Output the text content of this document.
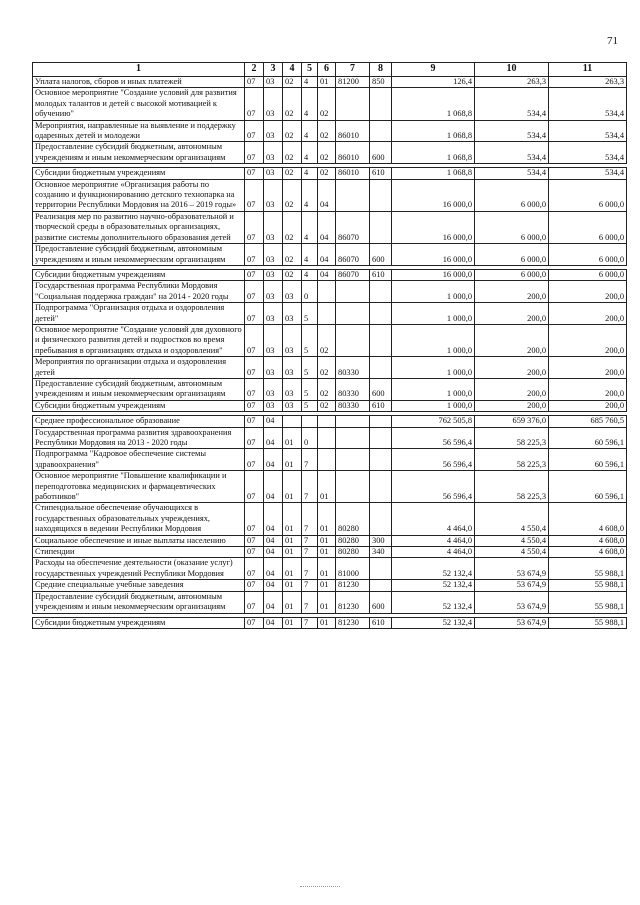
71
1	2	3	4	5	6	7	8	9	10	11
Уплата налогов, сборов и иных платежей	07	03	02	4	01	81200	850	126,4	263,3	263,3
Основное мероприятие "Создание условий для развития молодых талантов и детей с высокой мотивацией к обучению"	07	03	02	4	02			1 068,8	534,4	534,4
Мероприятия, направленные на выявление и поддержку одаренных детей и молодежи	07	03	02	4	02	86010		1 068,8	534,4	534,4
Предоставление субсидий бюджетным, автономным учреждениям и иным некоммерческим организациям	07	03	02	4	02	86010	600	1 068,8	534,4	534,4

Субсидии бюджетным учреждениям	07	03	02	4	02	86010	610	1 068,8	534,4	534,4
Основное мероприятие «Организация работы по созданию и функционированию детского технопарка на территории Республики Мордовия на 2016 – 2019 годы»	07	03	02	4	04			16 000,0	6 000,0	6 000,0
Реализация мер по развитию научно-образовательной и творческой среды в образовательных организациях, развитие системы дополнительного образования детей	07	03	02	4	04	86070		16 000,0	6 000,0	6 000,0
Предоставление субсидий бюджетным, автономным учреждениям и иным некоммерческим организациям	07	03	02	4	04	86070	600	16 000,0	6 000,0	6 000,0

Субсидии бюджетным учреждениям	07	03	02	4	04	86070	610	16 000,0	6 000,0	6 000,0
Государственная программа Республики Мордовия "Социальная поддержка граждан" на 2014 - 2020 годы	07	03	03	0				1 000,0	200,0	200,0
Подпрограмма "Организация отдыха и оздоровления детей"	07	03	03	5				1 000,0	200,0	200,0
Основное мероприятие "Создание условий для духовного и физического развития детей и подростков во время пребывания в организациях отдыха и оздоровления"	07	03	03	5	02			1 000,0	200,0	200,0
Мероприятия по организации отдыха и оздоровления детей	07	03	03	5	02	80330		1 000,0	200,0	200,0
Предоставление субсидий бюджетным, автономным учреждениям и иным некоммерческим организациям	07	03	03	5	02	80330	600	1 000,0	200,0	200,0
Субсидии бюджетным учреждениям	07	03	03	5	02	80330	610	1 000,0	200,0	200,0

Среднее профессиональное образование	07	04						762 505,8	659 376,0	685 760,5
Государственная программа развития здравоохранения Республики Мордовия на 2013 - 2020 годы	07	04	01	0				56 596,4	58 225,3	60 596,1
Подпрограмма "Кадровое обеспечение системы здравоохранения"	07	04	01	7				56 596,4	58 225,3	60 596,1
Основное мероприятие "Повышение квалификации и переподготовка медицинских и фармацевтических работников"	07	04	01	7	01			56 596,4	58 225,3	60 596,1
Стипендиальное обеспечение обучающихся в государственных образовательных учреждениях, находящихся в ведении Республики Мордовия	07	04	01	7	01	80280		4 464,0	4 550,4	4 608,0
Социальное обеспечение и иные выплаты населению	07	04	01	7	01	80280	300	4 464,0	4 550,4	4 608,0
Стипендии	07	04	01	7	01	80280	340	4 464,0	4 550,4	4 608,0
Расходы на обеспечение деятельности (оказание услуг) государственных учреждений Республики Мордовия	07	04	01	7	01	81000		52 132,4	53 674,9	55 988,1
Средние специальные учебные заведения	07	04	01	7	01	81230		52 132,4	53 674,9	55 988,1
Предоставление субсидий бюджетным, автономным учреждениям и иным некоммерческим организациям	07	04	01	7	01	81230	600	52 132,4	53 674,9	55 988,1

Субсидии бюджетным учреждениям	07	04	01	7	01	81230	610	52 132,4	53 674,9	55 988,1
